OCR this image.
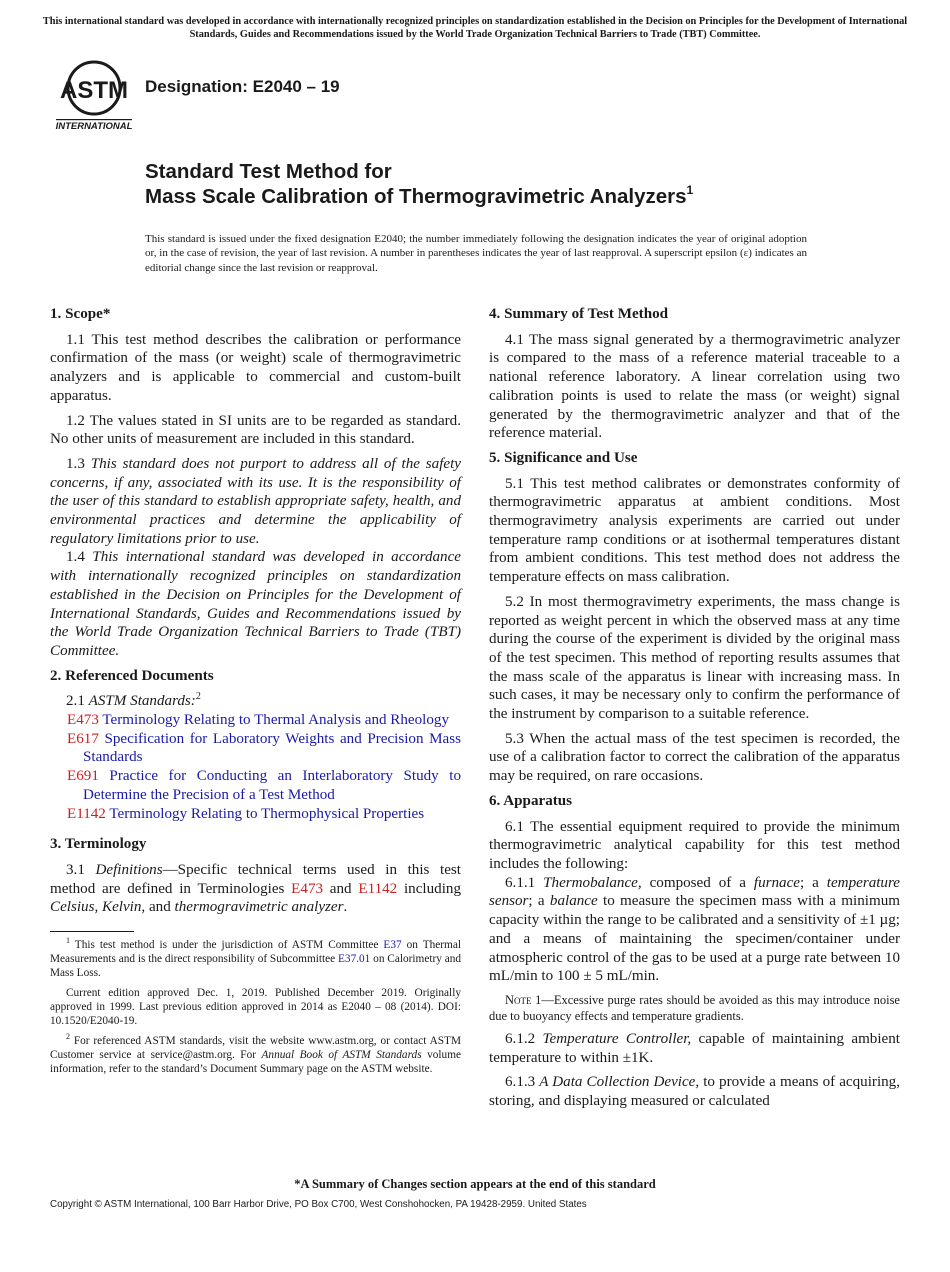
This international standard was developed in accordance with internationally recognized principles on standardization established in the Decision on Principles for the Development of International Standards, Guides and Recommendations issued by the World Trade Organization Technical Barriers to Trade (TBT) Committee.
ASTM
INTERNATIONAL
Designation: E2040 – 19
Standard Test Method for
Mass Scale Calibration of Thermogravimetric Analyzers$^1$
This standard is issued under the fixed designation E2040; the number immediately following the designation indicates the year of original adoption or, in the case of revision, the year of last revision. A number in parentheses indicates the year of last reapproval. A superscript epsilon (ε) indicates an editorial change since the last revision or reapproval.
1. Scope*

1.1 This test method describes the calibration or performance confirmation of the mass (or weight) scale of thermogravimetric analyzers and is applicable to commercial and custom-built apparatus.

1.2 The values stated in SI units are to be regarded as standard. No other units of measurement are included in this standard.

1.3 This standard does not purport to address all of the safety concerns, if any, associated with its use. It is the responsibility of the user of this standard to establish appropriate safety, health, and environmental practices and determine the applicability of regulatory limitations prior to use.

1.4 This international standard was developed in accordance with internationally recognized principles on standardization established in the Decision on Principles for the Development of International Standards, Guides and Recommendations issued by the World Trade Organization Technical Barriers to Trade (TBT) Committee.

2. Referenced Documents

2.1 ASTM Standards:$^2$

E473 Terminology Relating to Thermal Analysis and Rheology
E617 Specification for Laboratory Weights and Precision Mass Standards
E691 Practice for Conducting an Interlaboratory Study to Determine the Precision of a Test Method
E1142 Terminology Relating to Thermophysical Properties
3. Terminology

3.1 Definitions—Specific technical terms used in this test method are defined in Terminologies E473 and E1142 including Celsius, Kelvin, and thermogravimetric analyzer.

$^1$ This test method is under the jurisdiction of ASTM Committee E37 on Thermal Measurements and is the direct responsibility of Subcommittee E37.01 on Calorimetry and Mass Loss.

Current edition approved Dec. 1, 2019. Published December 2019. Originally approved in 1999. Last previous edition approved in 2014 as E2040 – 08 (2014). DOI: 10.1520/E2040-19.

$^2$ For referenced ASTM standards, visit the website www.astm.org, or contact ASTM Customer service at service@astm.org. For Annual Book of ASTM Standards volume information, refer to the standard’s Document Summary page on the ASTM website.

4. Summary of Test Method

4.1 The mass signal generated by a thermogravimetric analyzer is compared to the mass of a reference material traceable to a national reference laboratory. A linear correlation using two calibration points is used to relate the mass (or weight) signal generated by the thermogravimetric analyzer and that of the reference material.

5. Significance and Use

5.1 This test method calibrates or demonstrates conformity of thermogravimetric apparatus at ambient conditions. Most thermogravimetry analysis experiments are carried out under temperature ramp conditions or at isothermal temperatures distant from ambient conditions. This test method does not address the temperature effects on mass calibration.

5.2 In most thermogravimetry experiments, the mass change is reported as weight percent in which the observed mass at any time during the course of the experiment is divided by the original mass of the test specimen. This method of reporting results assumes that the mass scale of the apparatus is linear with increasing mass. In such cases, it may be necessary only to confirm the performance of the instrument by comparison to a suitable reference.

5.3 When the actual mass of the test specimen is recorded, the use of a calibration factor to correct the calibration of the apparatus may be required, on rare occasions.

6. Apparatus

6.1 The essential equipment required to provide the minimum thermogravimetric analytical capability for this test method includes the following:

6.1.1 Thermobalance, composed of a furnace; a temperature sensor; a balance to measure the specimen mass with a minimum capacity within the range to be calibrated and a sensitivity of ±1 µg; and a means of maintaining the specimen/container under atmospheric control of the gas to be used at a purge rate between 10 mL/min to 100 ± 5 mL/min.

Note 1—Excessive purge rates should be avoided as this may introduce noise due to buoyancy effects and temperature gradients.

6.1.2 Temperature Controller, capable of maintaining ambient temperature to within ±1K.

6.1.3 A Data Collection Device, to provide a means of acquiring, storing, and displaying measured or calculated

*A Summary of Changes section appears at the end of this standard
Copyright © ASTM International, 100 Barr Harbor Drive, PO Box C700, West Conshohocken, PA 19428-2959. United States
